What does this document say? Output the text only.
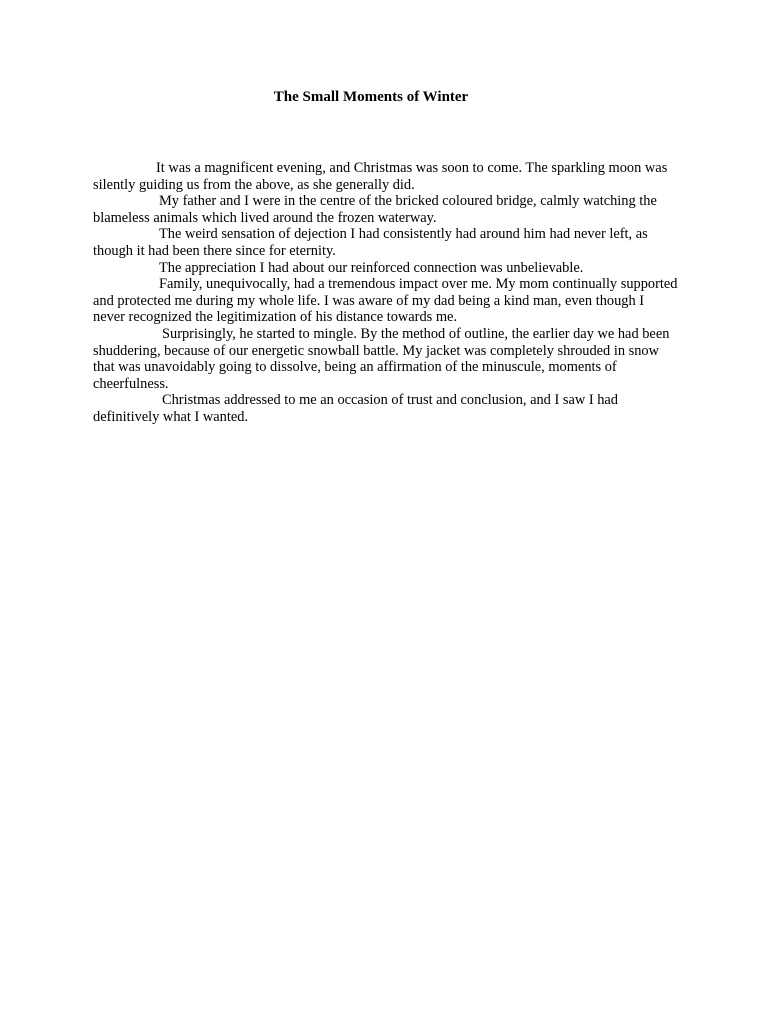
The Small Moments of Winter

It was a magnificent evening, and Christmas was soon to come. The sparkling moon was silently guiding us from the above, as she generally did.

My father and I were in the centre of the bricked coloured bridge, calmly watching the blameless animals which lived around the frozen waterway.

The weird sensation of dejection I had consistently had around him had never left, as though it had been there since for eternity.

The appreciation I had about our reinforced connection was unbelievable.

Family, unequivocally, had a tremendous impact over me. My mom continually supported and protected me during my whole life. I was aware of my dad being a kind man, even though I never recognized the legitimization of his distance towards me.

Surprisingly, he started to mingle. By the method of outline, the earlier day we had been shuddering, because of our energetic snowball battle. My jacket was completely shrouded in snow that was unavoidably going to dissolve, being an affirmation of the minuscule, moments of cheerfulness.

Christmas addressed to me an occasion of trust and conclusion, and I saw I had definitively what I wanted.
